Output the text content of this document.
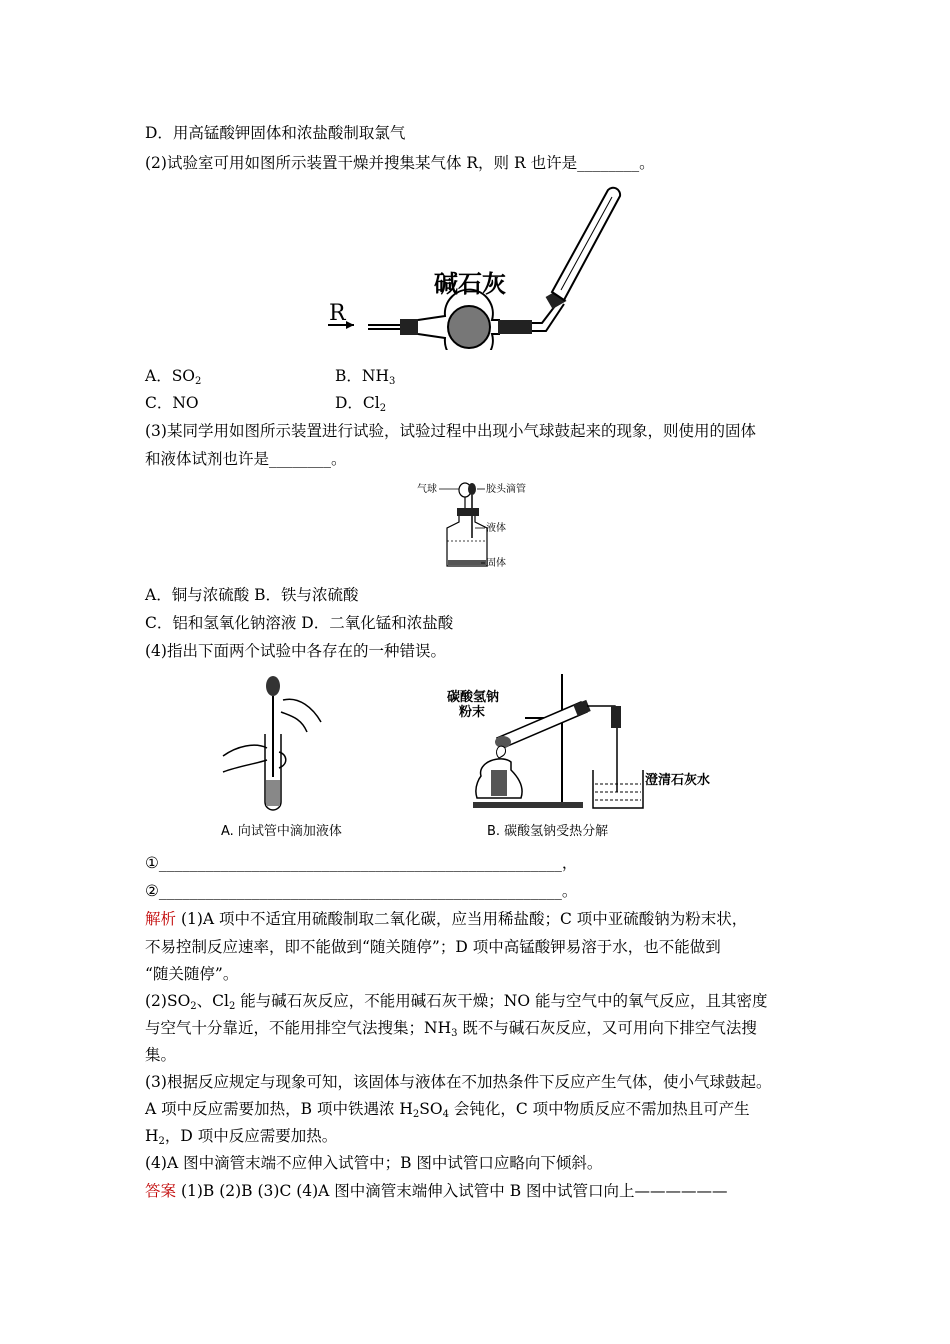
D．用高锰酸钾固体和浓盐酸制取氯气
(2)试验室可用如图所示装置干燥并搜集某气体 R，则 R 也许是________。
R
碱石灰
A．$SO_2$	B．$NH_3$
C．NO	D．$Cl_2$
(3)某同学用如图所示装置进行试验，试验过程中出现小气球鼓起来的现象，则使用的固体
和液体试剂也许是________。
气球	胶头滴管
液体
固体
A．铜与浓硫酸 B．铁与浓硫酸
C．铝和氢氧化钠溶液 D．二氧化锰和浓盐酸
(4)指出下面两个试验中各存在的一种错误。
A. 向试管中滴加液体
碳酸氢钠
粉末
澄清石灰水
B. 碳酸氢钠受热分解
①____________________________________________________，
②____________________________________________________。
解析 (1)A 项中不适宜用硫酸制取二氧化碳，应当用稀盐酸；C 项中亚硫酸钠为粉末状，
不易控制反应速率，即不能做到“随关随停”；D 项中高锰酸钾易溶于水，也不能做到
“随关随停”。
$(2)SO_2$、$Cl_2$ 能与碱石灰反应，不能用碱石灰干燥；NO 能与空气中的氧气反应，且其密度
与空气十分靠近，不能用排空气法搜集；$NH_3$ 既不与碱石灰反应，又可用向下排空气法搜
集。
(3)根据反应规定与现象可知，该固体与液体在不加热条件下反应产生气体，使小气球鼓起。
A 项中反应需要加热，B 项中铁遇浓 $H_2SO_4$ 会钝化，C 项中物质反应不需加热且可产生
$H_2$，D 项中反应需要加热。
(4)A 图中滴管末端不应伸入试管中；B 图中试管口应略向下倾斜。
答案 (1)B (2)B (3)C (4)A 图中滴管末端伸入试管中 B 图中试管口向上——————
